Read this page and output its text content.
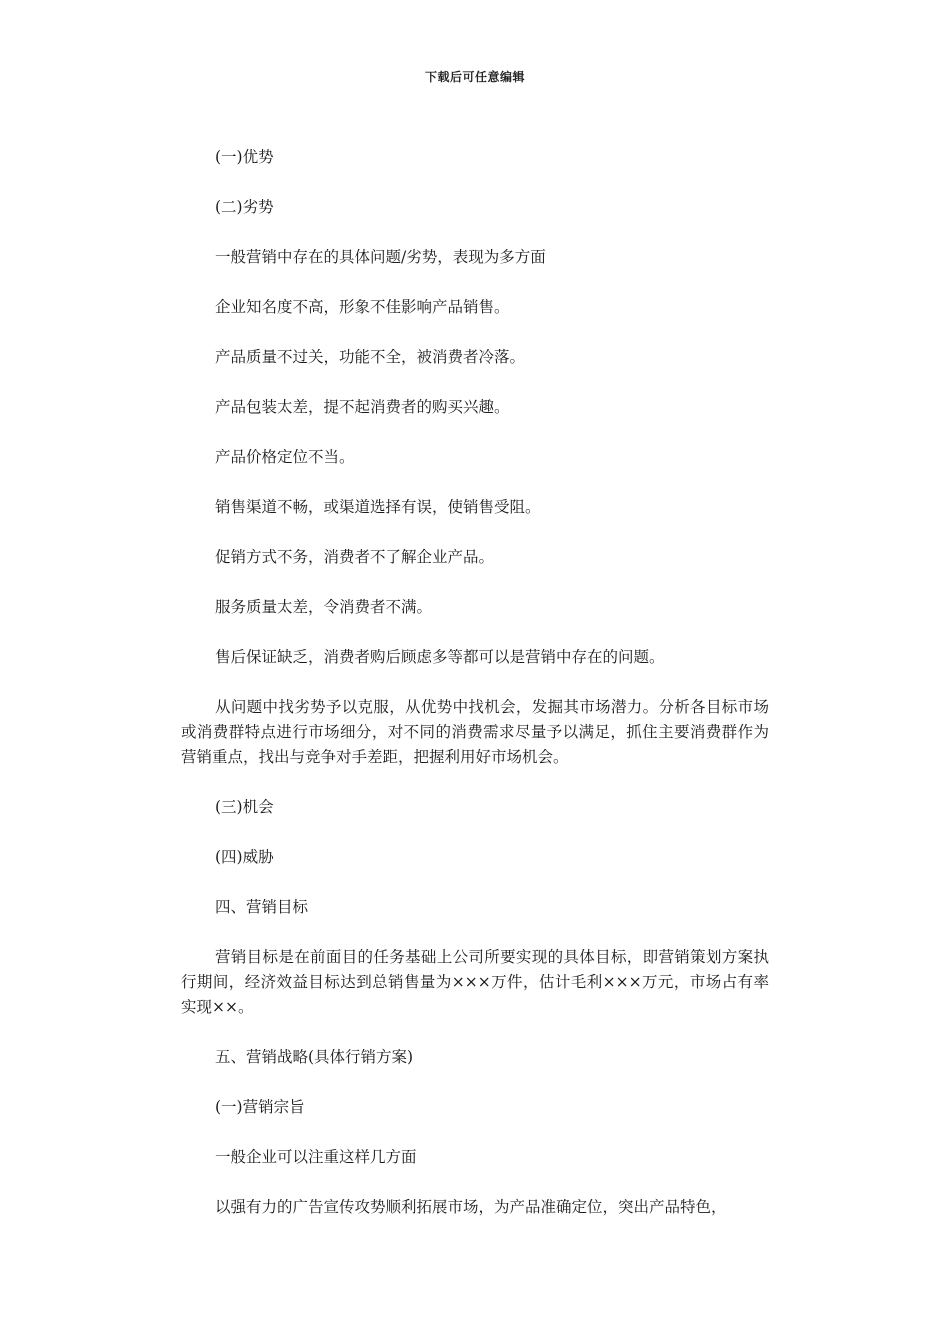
下载后可任意编辑

(一)优势

(二)劣势

一般营销中存在的具体问题/劣势，表现为多方面

企业知名度不高，形象不佳影响产品销售。

产品质量不过关，功能不全，被消费者冷落。

产品包装太差，提不起消费者的购买兴趣。

产品价格定位不当。

销售渠道不畅，或渠道选择有误，使销售受阻。

促销方式不务，消费者不了解企业产品。

服务质量太差，令消费者不满。

售后保证缺乏，消费者购后顾虑多等都可以是营销中存在的问题。

从问题中找劣势予以克服，从优势中找机会，发掘其市场潜力。分析各目标市场或消费群特点进行市场细分，对不同的消费需求尽量予以满足，抓住主要消费群作为营销重点，找出与竞争对手差距，把握利用好市场机会。

(三)机会

(四)威胁

四、营销目标

营销目标是在前面目的任务基础上公司所要实现的具体目标，即营销策划方案执行期间，经济效益目标达到总销售量为×××万件，估计毛利×××万元，市场占有率实现××。

五、营销战略(具体行销方案)

(一)营销宗旨

一般企业可以注重这样几方面

以强有力的广告宣传攻势顺利拓展市场，为产品准确定位，突出产品特色，
